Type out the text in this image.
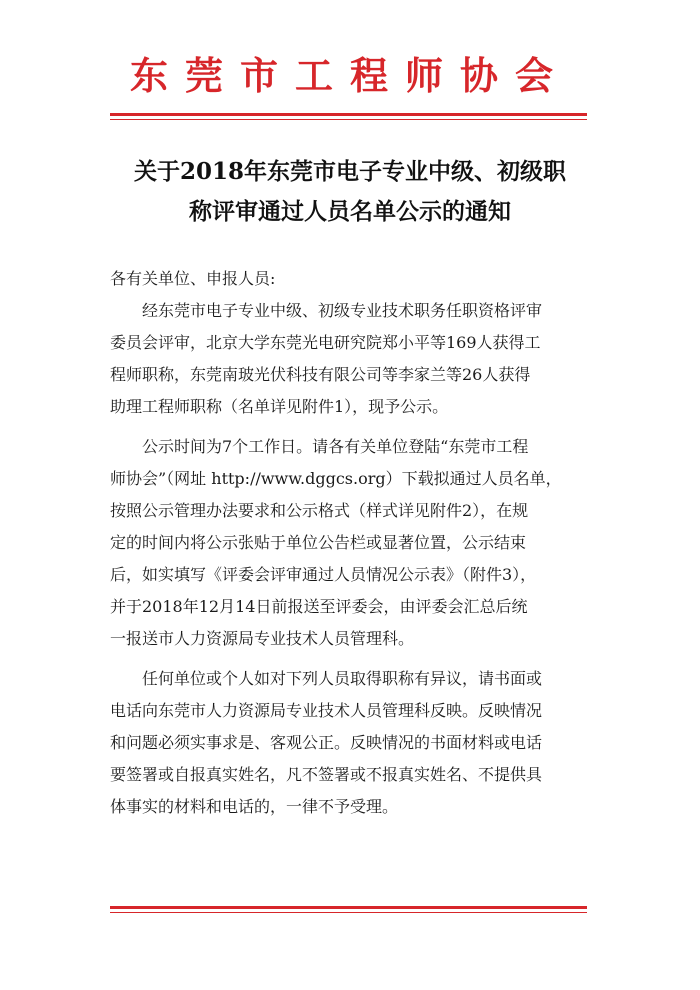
东莞市工程师协会
关于2018年东莞市电子专业中级、初级职
称评审通过人员名单公示的通知
各有关单位、申报人员:
经东莞市电子专业中级、初级专业技术职务任职资格评审
委员会评审，北京大学东莞光电研究院郑小平等169人获得工
程师职称，东莞南玻光伏科技有限公司等李家兰等26人获得
助理工程师职称（名单详见附件1），现予公示。
公示时间为7个工作日。请各有关单位登陆“东莞市工程
师协会”（网址 http://www.dggcs.org）下载拟通过人员名单，
按照公示管理办法要求和公示格式（样式详见附件2），在规
定的时间内将公示张贴于单位公告栏或显著位置，公示结束
后，如实填写《评委会评审通过人员情况公示表》（附件3），
并于2018年12月14日前报送至评委会，由评委会汇总后统
一报送市人力资源局专业技术人员管理科。
任何单位或个人如对下列人员取得职称有异议，请书面或
电话向东莞市人力资源局专业技术人员管理科反映。反映情况
和问题必须实事求是、客观公正。反映情况的书面材料或电话
要签署或自报真实姓名，凡不签署或不报真实姓名、不提供具
体事实的材料和电话的，一律不予受理。
